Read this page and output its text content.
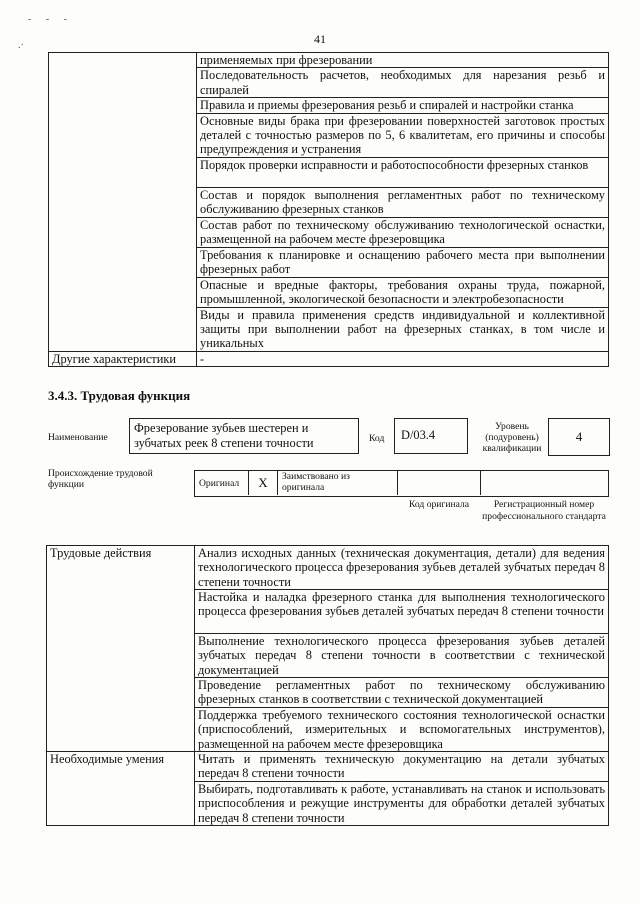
- - -
.·	41
	применяемых при фрезеровании
	Последовательность расчетов, необходимых для нарезания резьб и спиралей
	Правила и приемы фрезерования резьб и спиралей и настройки станка
	Основные виды брака при фрезеровании поверхностей заготовок простых деталей с точностью размеров по 5, 6 квалитетам, его причины и способы предупреждения и устранения
	Порядок проверки исправности и работоспособности фрезерных станков
	Состав и порядок выполнения регламентных работ по техническому обслуживанию фрезерных станков
	Состав работ по техническому обслуживанию технологической оснастки, размещенной на рабочем месте фрезеровщика
	Требования к планировке и оснащению рабочего места при выполнении фрезерных работ
	Опасные и вредные факторы, требования охраны труда, пожарной, промышленной, экологической безопасности и электробезопасности
	Виды и правила применения средств индивидуальной и коллективной защиты при выполнении работ на фрезерных станках, в том числе и уникальных
Другие характеристики	-
3.4.3. Трудовая функция
Наименование
Фрезерование зубьев шестерен и зубчатых реек 8 степени точности	Код	D/03.4
Уровень (подуровень) квалификации
4
Происхождение трудовой функции	Оригинал	X	Заимствовано из оригинала
Код оригинала	Регистрационный номер профессионального стандарта
Трудовые действия	Анализ исходных данных (техническая документация, детали) для ведения технологического процесса фрезерования зубьев деталей зубчатых передач 8 степени точности
	Настойка и наладка фрезерного станка для выполнения технологического процесса фрезерования зубьев деталей зубчатых передач 8 степени точности
	Выполнение технологического процесса фрезерования зубьев деталей зубчатых передач 8 степени точности в соответствии с технической документацией
	Проведение регламентных работ по техническому обслуживанию фрезерных станков в соответствии с технической документацией
	Поддержка требуемого технического состояния технологической оснастки (приспособлений, измерительных и вспомогательных инструментов), размещенной на рабочем месте фрезеровщика
Необходимые умения	Читать и применять техническую документацию на детали зубчатых передач 8 степени точности
	Выбирать, подготавливать к работе, устанавливать на станок и использовать приспособления и режущие инструменты для обработки деталей зубчатых передач 8 степени точности
